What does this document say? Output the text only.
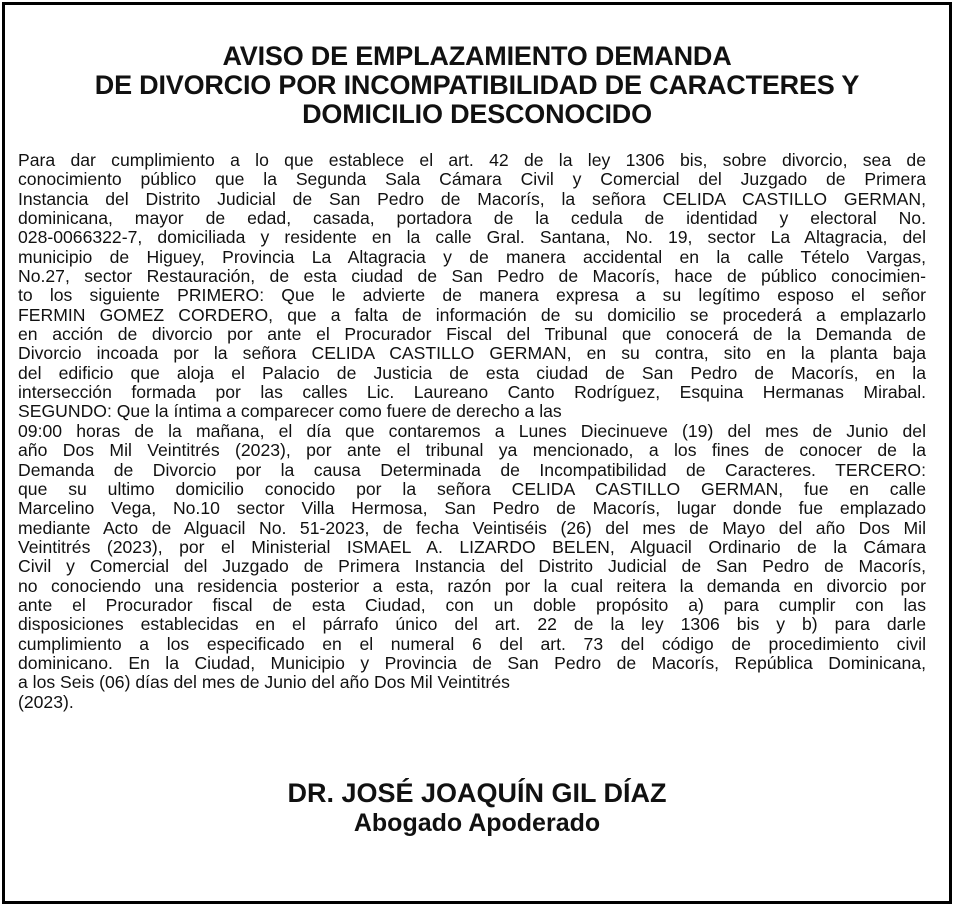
AVISO DE EMPLAZAMIENTO DEMANDA
DE DIVORCIO POR INCOMPATIBILIDAD DE CARACTERES Y
DOMICILIO DESCONOCIDO
Para dar cumplimiento a lo que establece el art. 42 de la ley 1306 bis, sobre divorcio, sea de
conocimiento público que la Segunda Sala Cámara Civil y Comercial del Juzgado de Primera
Instancia del Distrito Judicial de San Pedro de Macorís, la señora CELIDA CASTILLO GERMAN,
dominicana, mayor de edad, casada, portadora de la cedula de identidad y electoral No.
028-0066322-7, domiciliada y residente en la calle Gral. Santana, No. 19, sector La Altagracia, del
municipio de Higuey, Provincia La Altagracia y de manera accidental en la calle Tételo Vargas,
No.27, sector Restauración, de esta ciudad de San Pedro de Macorís, hace de público conocimien-
to los siguiente PRIMERO: Que le advierte de manera expresa a su legítimo esposo el señor
FERMIN GOMEZ CORDERO, que a falta de información de su domicilio se procederá a emplazarlo
en acción de divorcio por ante el Procurador Fiscal del Tribunal que conocerá de la Demanda de
Divorcio incoada por la señora CELIDA CASTILLO GERMAN, en su contra, sito en la planta baja
del edificio que aloja el Palacio de Justicia de esta ciudad de San Pedro de Macorís, en la
intersección formada por las calles Lic. Laureano Canto Rodríguez, Esquina Hermanas Mirabal.
SEGUNDO: Que la íntima a comparecer como fuere de derecho a las
09:00 horas de la mañana, el día que contaremos a Lunes Diecinueve (19) del mes de Junio del
año Dos Mil Veintitrés (2023), por ante el tribunal ya mencionado, a los fines de conocer de la
Demanda de Divorcio por la causa Determinada de Incompatibilidad de Caracteres. TERCERO:
que su ultimo domicilio conocido por la señora CELIDA CASTILLO GERMAN, fue en calle
Marcelino Vega, No.10 sector Villa Hermosa, San Pedro de Macorís, lugar donde fue emplazado
mediante Acto de Alguacil No. 51-2023, de fecha Veintiséis (26) del mes de Mayo del año Dos Mil
Veintitrés (2023), por el Ministerial ISMAEL A. LIZARDO BELEN, Alguacil Ordinario de la Cámara
Civil y Comercial del Juzgado de Primera Instancia del Distrito Judicial de San Pedro de Macorís,
no conociendo una residencia posterior a esta, razón por la cual reitera la demanda en divorcio por
ante el Procurador fiscal de esta Ciudad, con un doble propósito a) para cumplir con las
disposiciones establecidas en el párrafo único del art. 22 de la ley 1306 bis y b) para darle
cumplimiento a los especificado en el numeral 6 del art. 73 del código de procedimiento civil
dominicano. En la Ciudad, Municipio y Provincia de San Pedro de Macorís, República Dominicana,
a los Seis (06) días del mes de Junio del año Dos Mil Veintitrés
(2023).
DR. JOSÉ JOAQUÍN GIL DÍAZ
Abogado Apoderado
